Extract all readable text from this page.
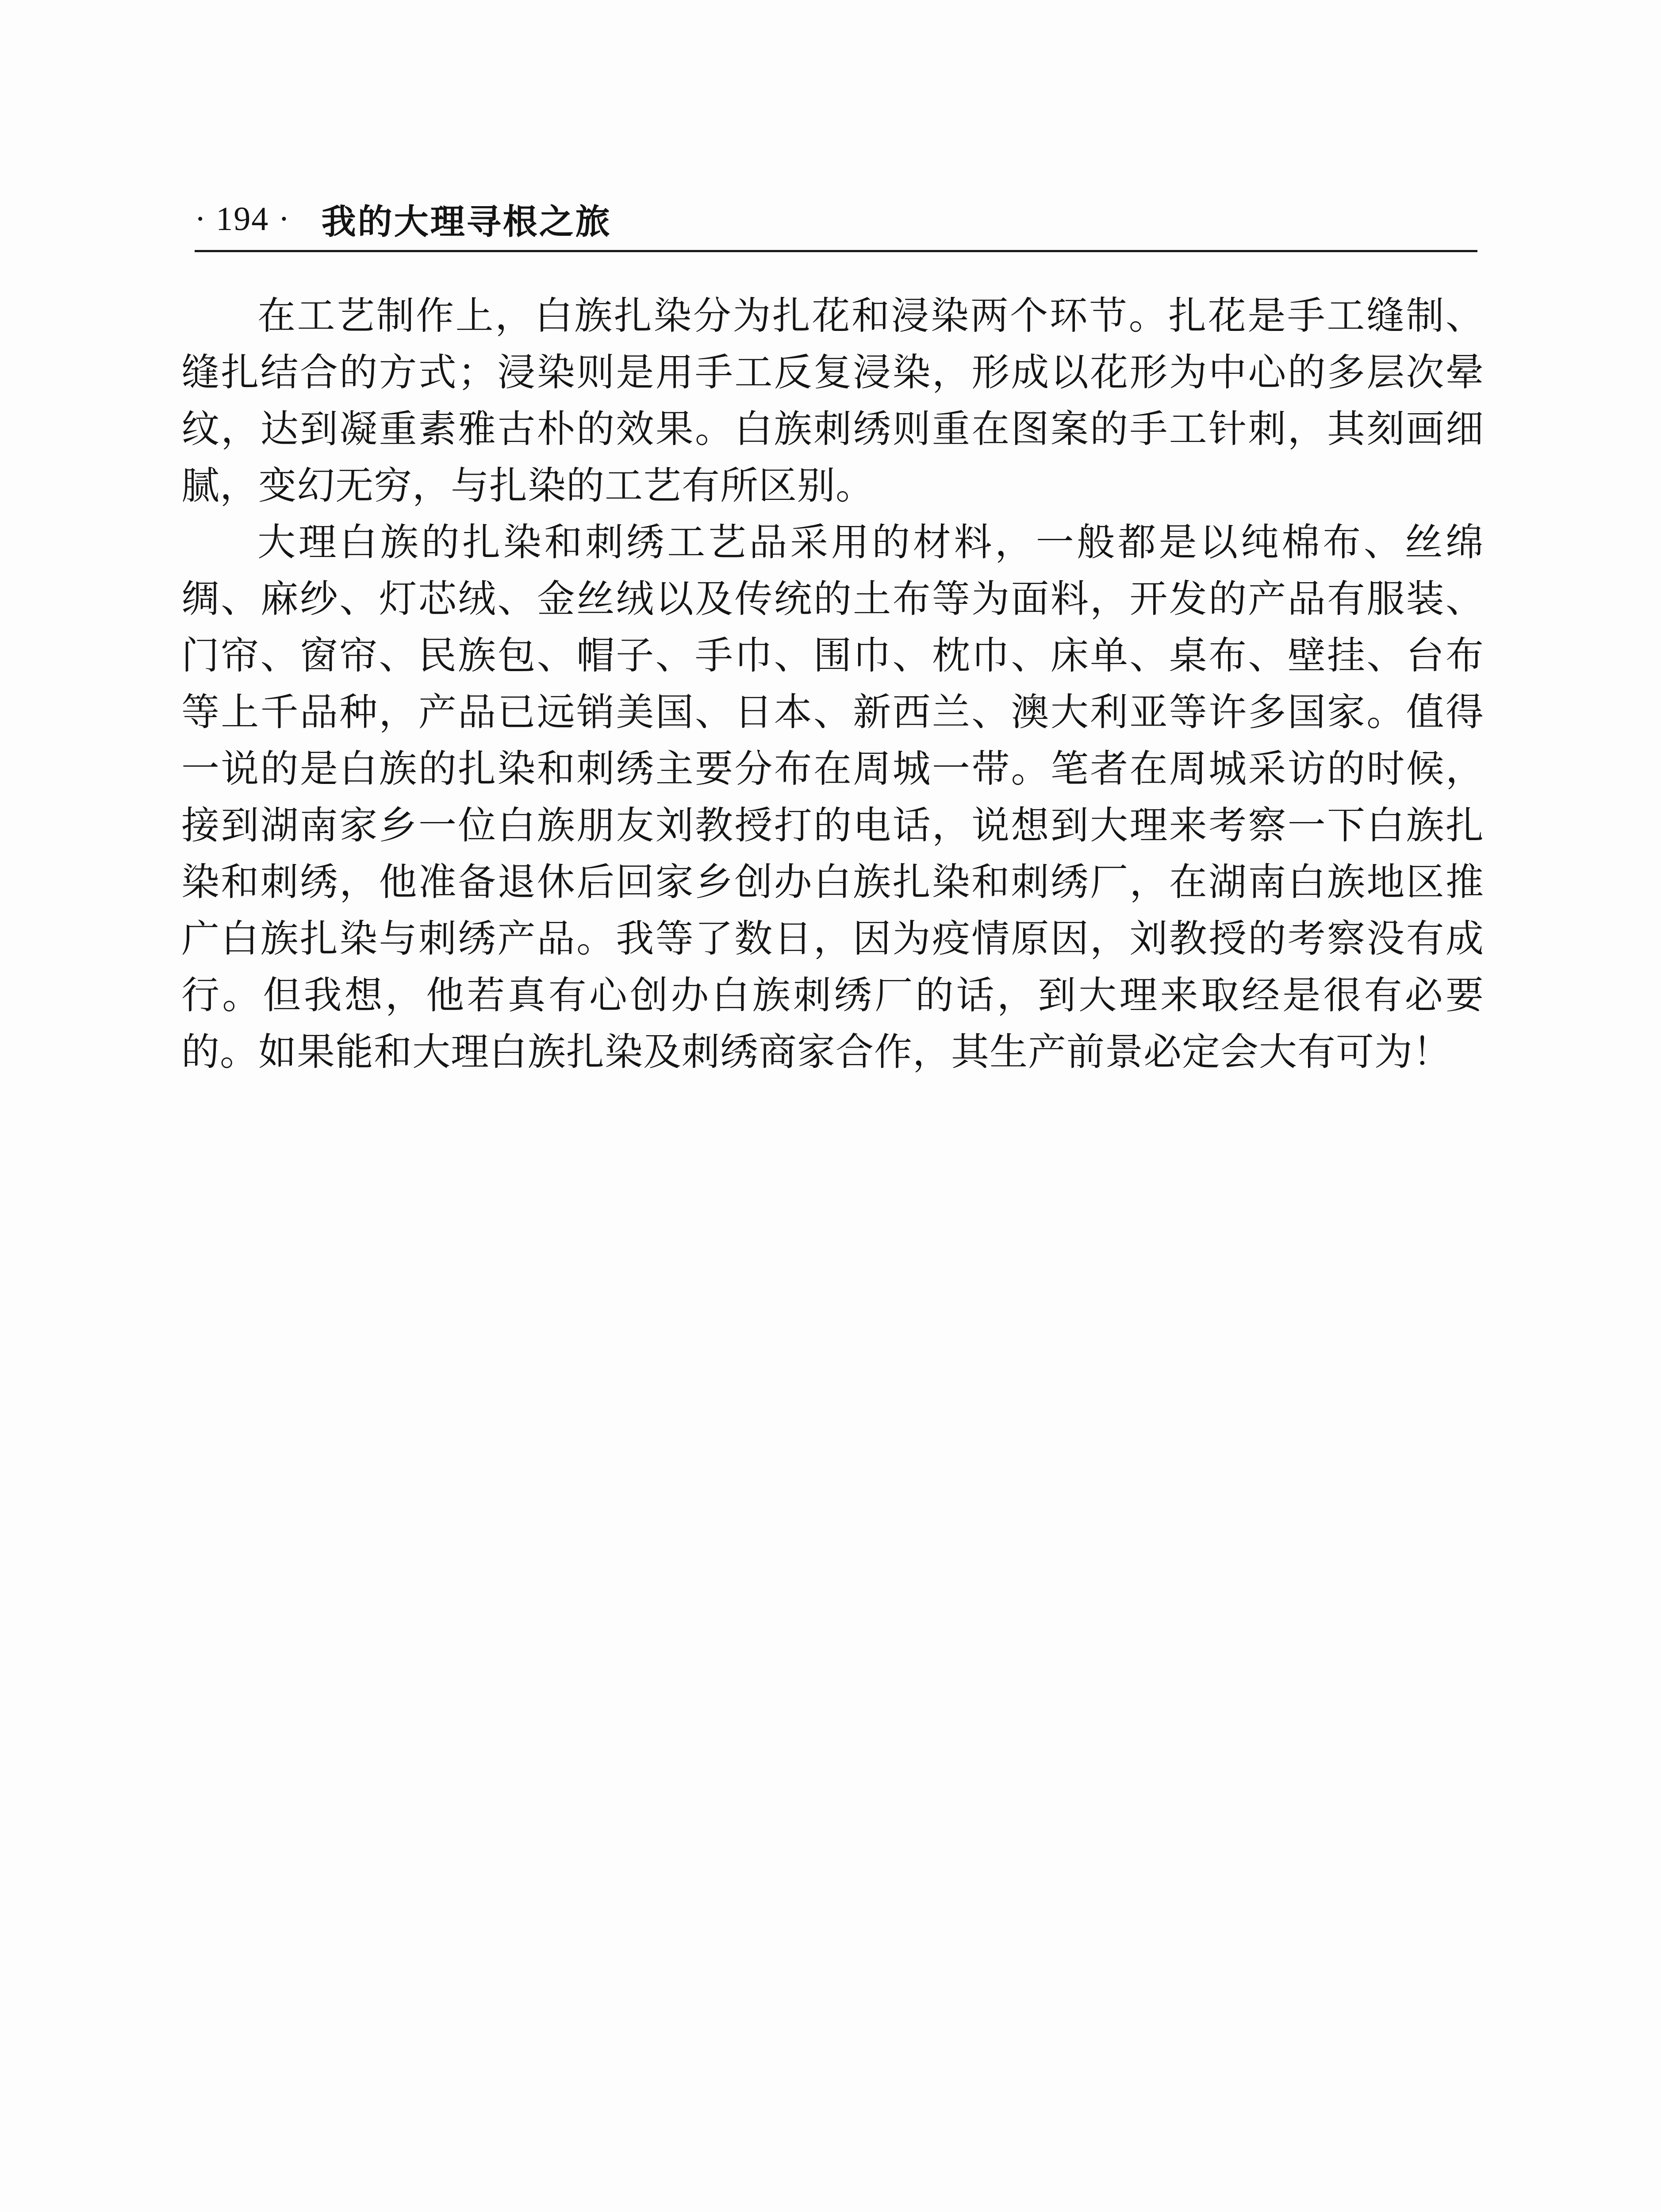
· 194 · 我的大理寻根之旅

在工艺制作上，白族扎染分为扎花和浸染两个环节。扎花是手工缝制、缝扎结合的方式；浸染则是用手工反复浸染，形成以花形为中心的多层次晕纹，达到凝重素雅古朴的效果。白族刺绣则重在图案的手工针刺，其刻画细腻，变幻无穷，与扎染的工艺有所区别。

大理白族的扎染和刺绣工艺品采用的材料，一般都是以纯棉布、丝绵绸、麻纱、灯芯绒、金丝绒以及传统的土布等为面料，开发的产品有服装、门帘、窗帘、民族包、帽子、手巾、围巾、枕巾、床单、桌布、壁挂、台布等上千品种，产品已远销美国、日本、新西兰、澳大利亚等许多国家。值得一说的是白族的扎染和刺绣主要分布在周城一带。笔者在周城采访的时候，接到湖南家乡一位白族朋友刘教授打的电话，说想到大理来考察一下白族扎染和刺绣，他准备退休后回家乡创办白族扎染和刺绣厂，在湖南白族地区推广白族扎染与刺绣产品。我等了数日，因为疫情原因，刘教授的考察没有成行。但我想，他若真有心创办白族刺绣厂的话，到大理来取经是很有必要的。如果能和大理白族扎染及刺绣商家合作，其生产前景必定会大有可为！
